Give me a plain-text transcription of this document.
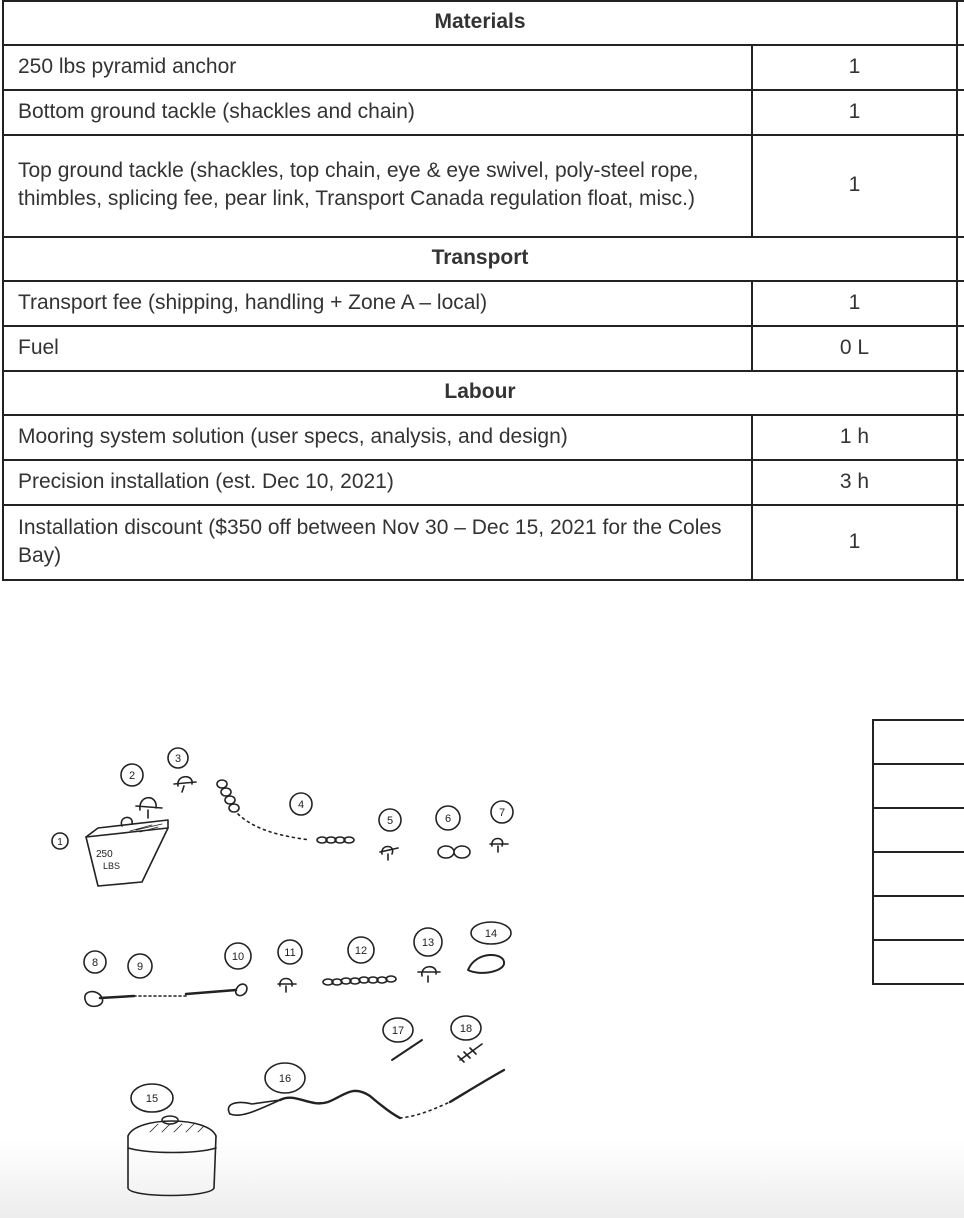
Materials		
250 lbs pyramid anchor	1	
Bottom ground tackle (shackles and chain)	1	
Top ground tackle (shackles, top chain, eye & eye swivel, poly-steel rope, thimbles, splicing fee, pear link, Transport Canada regulation float, misc.)	1	
Transport		
Transport fee (shipping, handling + Zone A – local)	1	
Fuel	0 L	
Labour		
Mooring system solution (user specs, analysis, and design)	1 h	
Precision installation (est. Dec 10, 2021)	3 h	
Installation discount ($350 off between Nov 30 – Dec 15, 2021 for the Coles Bay)	1	
250
LBS
1
2
3
4
5	6	7
8	9
10	11	12
13
14
15
16
17	18
